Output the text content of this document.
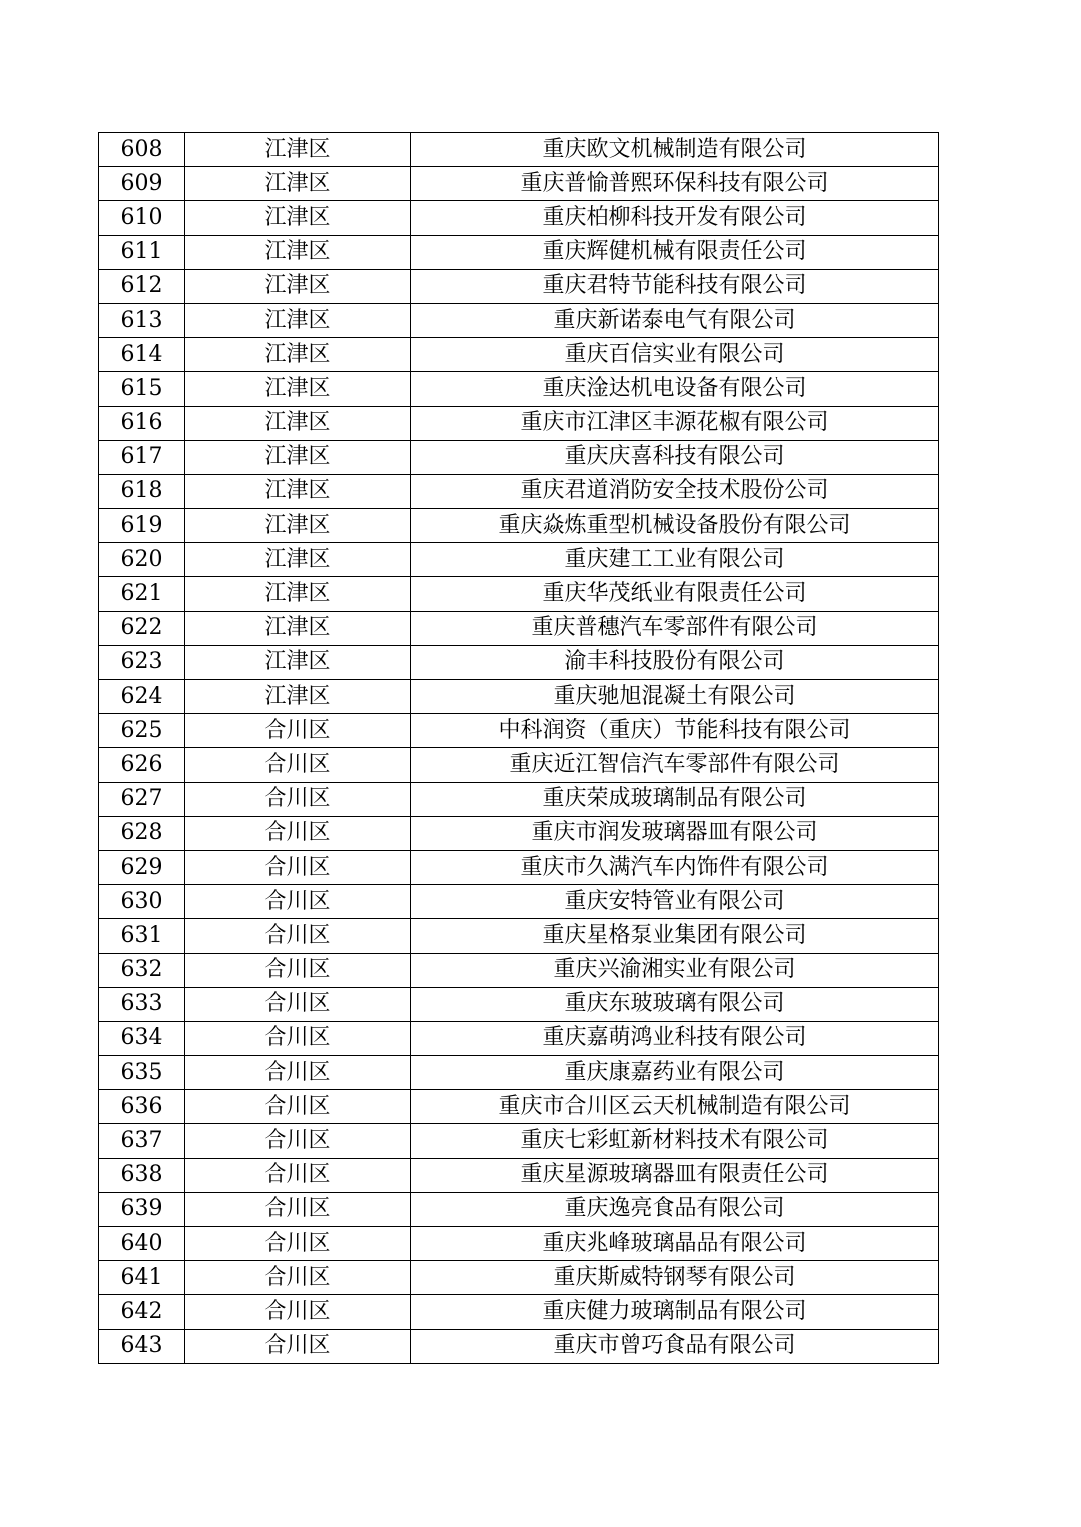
608	江津区	重庆欧文机械制造有限公司
609	江津区	重庆普愉普熙环保科技有限公司
610	江津区	重庆柏柳科技开发有限公司
611	江津区	重庆辉健机械有限责任公司
612	江津区	重庆君特节能科技有限公司
613	江津区	重庆新诺泰电气有限公司
614	江津区	重庆百信实业有限公司
615	江津区	重庆淦达机电设备有限公司
616	江津区	重庆市江津区丰源花椒有限公司
617	江津区	重庆庆喜科技有限公司
618	江津区	重庆君道消防安全技术股份公司
619	江津区	重庆焱炼重型机械设备股份有限公司
620	江津区	重庆建工工业有限公司
621	江津区	重庆华茂纸业有限责任公司
622	江津区	重庆普穗汽车零部件有限公司
623	江津区	渝丰科技股份有限公司
624	江津区	重庆驰旭混凝土有限公司
625	合川区	中科润资（重庆）节能科技有限公司
626	合川区	重庆近江智信汽车零部件有限公司
627	合川区	重庆荣成玻璃制品有限公司
628	合川区	重庆市润发玻璃器皿有限公司
629	合川区	重庆市久满汽车内饰件有限公司
630	合川区	重庆安特管业有限公司
631	合川区	重庆星格泵业集团有限公司
632	合川区	重庆兴渝湘实业有限公司
633	合川区	重庆东玻玻璃有限公司
634	合川区	重庆嘉萌鸿业科技有限公司
635	合川区	重庆康嘉药业有限公司
636	合川区	重庆市合川区云天机械制造有限公司
637	合川区	重庆七彩虹新材料技术有限公司
638	合川区	重庆星源玻璃器皿有限责任公司
639	合川区	重庆逸亮食品有限公司
640	合川区	重庆兆峰玻璃晶品有限公司
641	合川区	重庆斯威特钢琴有限公司
642	合川区	重庆健力玻璃制品有限公司
643	合川区	重庆市曾巧食品有限公司
